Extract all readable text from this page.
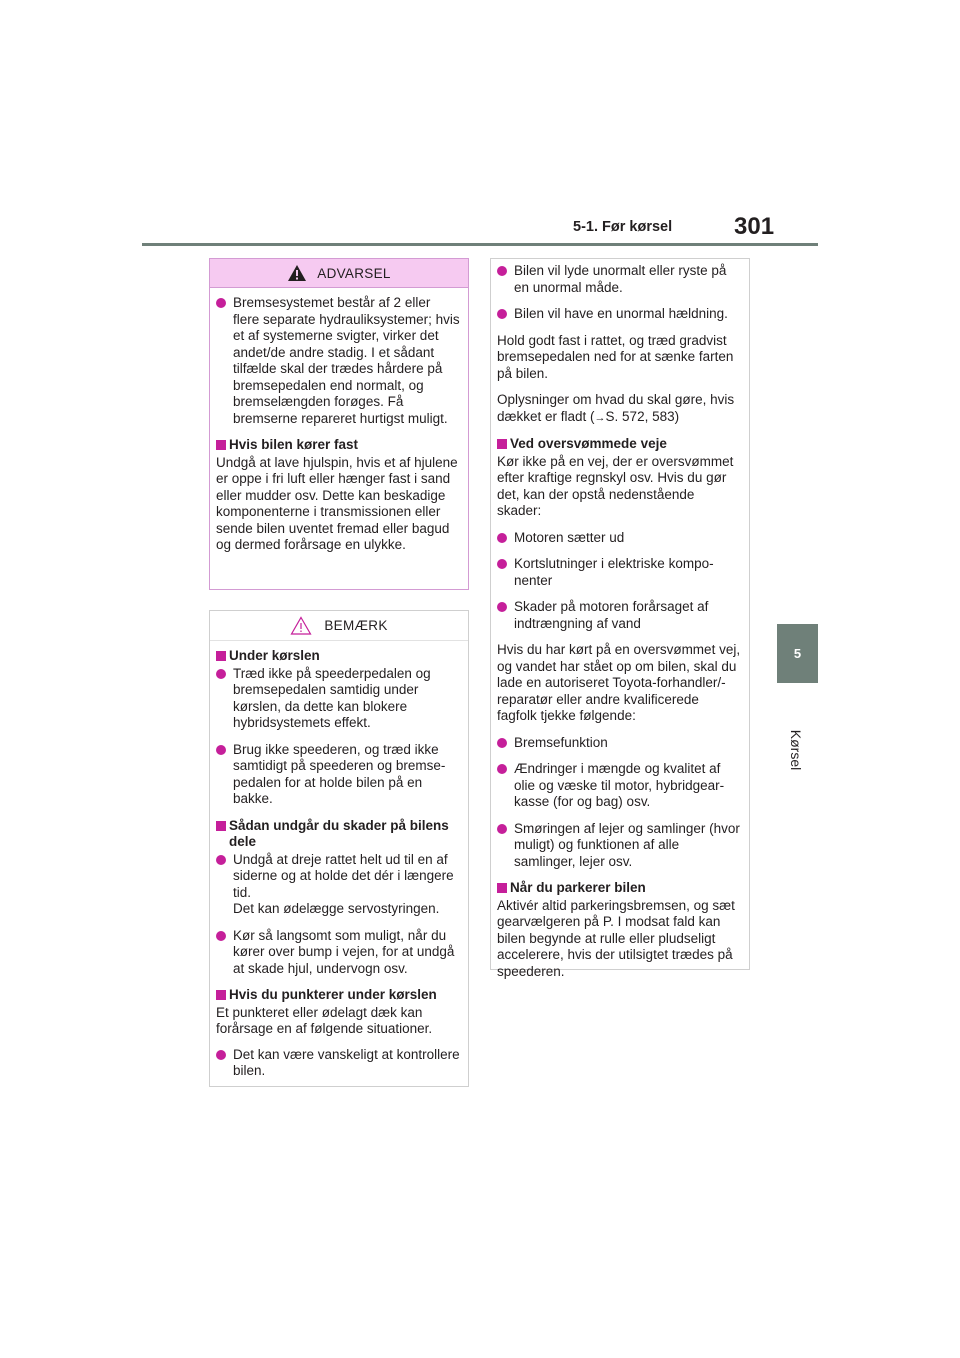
5-1. Før kørsel	301
5
Kørsel
ADVARSEL
Bremsesystemet består af 2 eller flere separate hydrauliksystemer; hvis et af systemerne svigter, virker det andet/de andre stadig. I et sådant tilfælde skal der trædes hårdere på bremsepedalen end normalt, og bremselængden forøges. Få bremserne repareret hurtigst muligt.
Hvis bilen kører fast
Undgå at lave hjulspin, hvis et af hjulene er oppe i fri luft eller hænger fast i sand eller mudder osv. Dette kan beskadige komponenterne i transmissionen eller sende bilen uventet fremad eller bagud og dermed forårsage en ulykke.
BEMÆRK
Under kørslen
Træd ikke på speederpedalen og bremsepedalen samtidig under kørslen, da dette kan blokere hybridsystemets effekt.
Brug ikke speederen, og træd ikke samtidigt på speederen og bremsepedalen for at holde bilen på en bakke.
Sådan undgår du skader på bilens dele
Undgå at dreje rattet helt ud til en af siderne og at holde det dér i længere tid.
Det kan ødelægge servostyringen.
Kør så langsomt som muligt, når du kører over bump i vejen, for at undgå at skade hjul, undervogn osv.
Hvis du punkterer under kørslen
Et punkteret eller ødelagt dæk kan forårsage en af følgende situationer.
Det kan være vanskeligt at kontrollere bilen.
Bilen vil lyde unormalt eller ryste på en unormal måde.
Bilen vil have en unormal hældning.
Hold godt fast i rattet, og træd gradvist bremsepedalen ned for at sænke farten på bilen.
Oplysninger om hvad du skal gøre, hvis dækket er fladt (→S. 572, 583)
Ved oversvømmede veje
Kør ikke på en vej, der er oversvømmet efter kraftige regnskyl osv. Hvis du gør det, kan der opstå nedenstående skader:
Motoren sætter ud
Kortslutninger i elektriske komponenter
Skader på motoren forårsaget af indtrængning af vand
Hvis du har kørt på en oversvømmet vej, og vandet har stået op om bilen, skal du lade en autoriseret Toyota-forhandler/-reparatør eller andre kvalificerede fagfolk tjekke følgende:
Bremsefunktion
Ændringer i mængde og kvalitet af olie og væske til motor, hybridgearkasse (for og bag) osv.
Smøringen af lejer og samlinger (hvor muligt) og funktionen af alle samlinger, lejer osv.
Når du parkerer bilen
Aktivér altid parkeringsbremsen, og sæt gearvælgeren på P. I modsat fald kan bilen begynde at rulle eller pludseligt accelerere, hvis der utilsigtet trædes på speederen.
